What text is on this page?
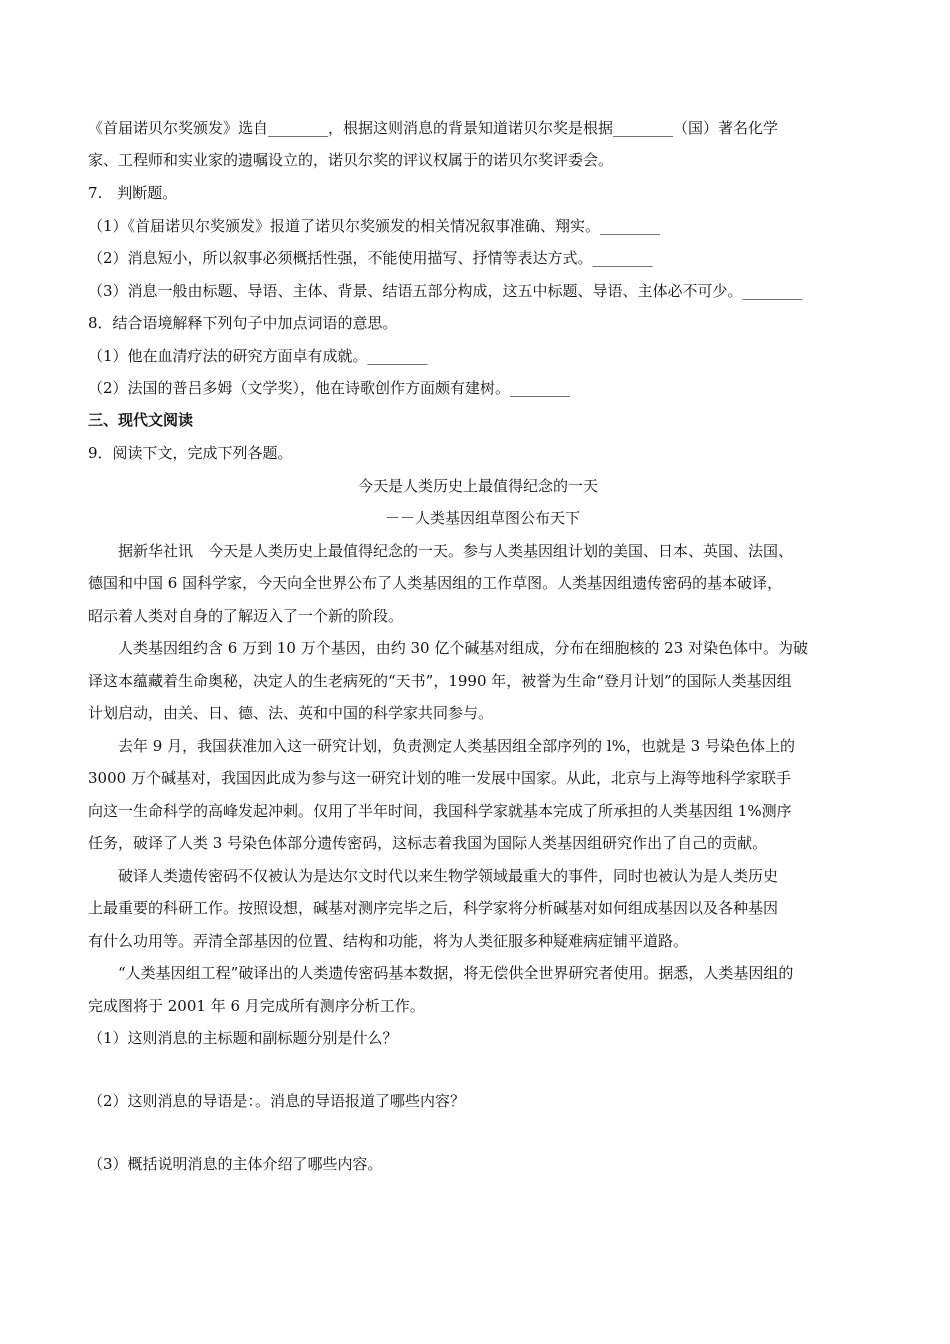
《首届诺贝尔奖颁发》选自________，根据这则消息的背景知道诺贝尔奖是根据________（国）著名化学
家、工程师和实业家的遗嘱设立的，诺贝尔奖的评议权属于的诺贝尔奖评委会。
7.　判断题。
（1）《首届诺贝尔奖颁发》报道了诺贝尔奖颁发的相关情况叙事准确、翔实。________
（2）消息短小，所以叙事必须概括性强，不能使用描写、抒情等表达方式。________
（3）消息一般由标题、导语、主体、背景、结语五部分构成，这五中标题、导语、主体必不可少。________
8．结合语境解释下列句子中加点词语的意思。
（1）他在血清疗法的研究方面卓有成就。________
（2）法国的普吕多姆（文学奖），他在诗歌创作方面颇有建树。________
三、现代文阅读
9．阅读下文，完成下列各题。
今天是人类历史上最值得纪念的一天
－－人类基因组草图公布天下
据新华社讯　今天是人类历史上最值得纪念的一天。参与人类基因组计划的美国、日本、英国、法国、
德国和中国 6 国科学家，今天向全世界公布了人类基因组的工作草图。人类基因组遗传密码的基本破译，
昭示着人类对自身的了解迈入了一个新的阶段。
人类基因组约含 6 万到 10 万个基因，由约 30 亿个碱基对组成，分布在细胞核的 23 对染色体中。为破
译这本蕴藏着生命奥秘，决定人的生老病死的“天书”，1990 年，被誉为生命“登月计划”的国际人类基因组
计划启动，由关、日、德、法、英和中国的科学家共同参与。
去年 9 月，我国获准加入这一研究计划，负责测定人类基因组全部序列的 l%，也就是 3 号染色体上的
3000 万个碱基对，我国因此成为参与这一研究计划的唯一发展中国家。从此，北京与上海等地科学家联手
向这一生命科学的高峰发起冲刺。仅用了半年时间，我国科学家就基本完成了所承担的人类基因组 1%测序
任务，破译了人类 3 号染色体部分遗传密码，这标志着我国为国际人类基因组研究作出了自己的贡献。
破译人类遗传密码不仅被认为是达尔文时代以来生物学领域最重大的事件，同时也被认为是人类历史
上最重要的科研工作。按照设想，碱基对测序完毕之后，科学家将分析碱基对如何组成基因以及各种基因
有什么功用等。弄清全部基因的位置、结构和功能，将为人类征服多种疑难病症铺平道路。
“人类基因组工程”破译出的人类遗传密码基本数据，将无偿供全世界研究者使用。据悉，人类基因组的
完成图将于 2001 年 6 月完成所有测序分析工作。
（1）这则消息的主标题和副标题分别是什么？
（2）这则消息的导语是：。消息的导语报道了哪些内容？
（3）概括说明消息的主体介绍了哪些内容。
